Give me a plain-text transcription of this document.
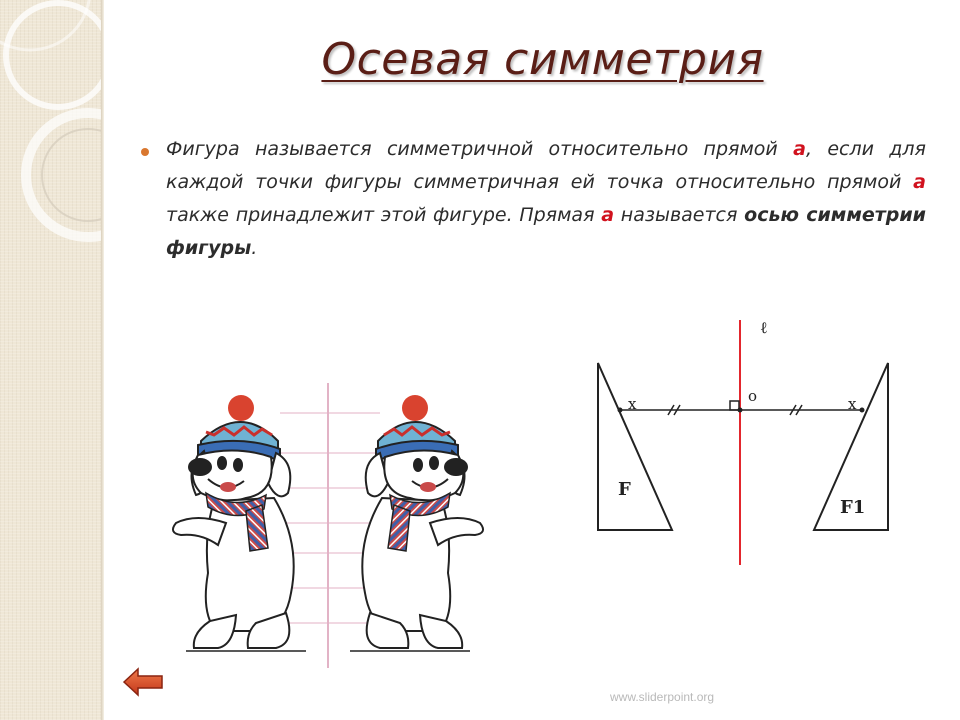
Осевая симметрия

Фигура называется симметричной относительно прямой а, если для каждой точки фигуры симметричная ей точка относительно прямой а также принадлежит этой фигуре. Прямая а называется осью симметрии фигуры.

ℓ
o
x	x
F
F1
www.sliderpoint.org
